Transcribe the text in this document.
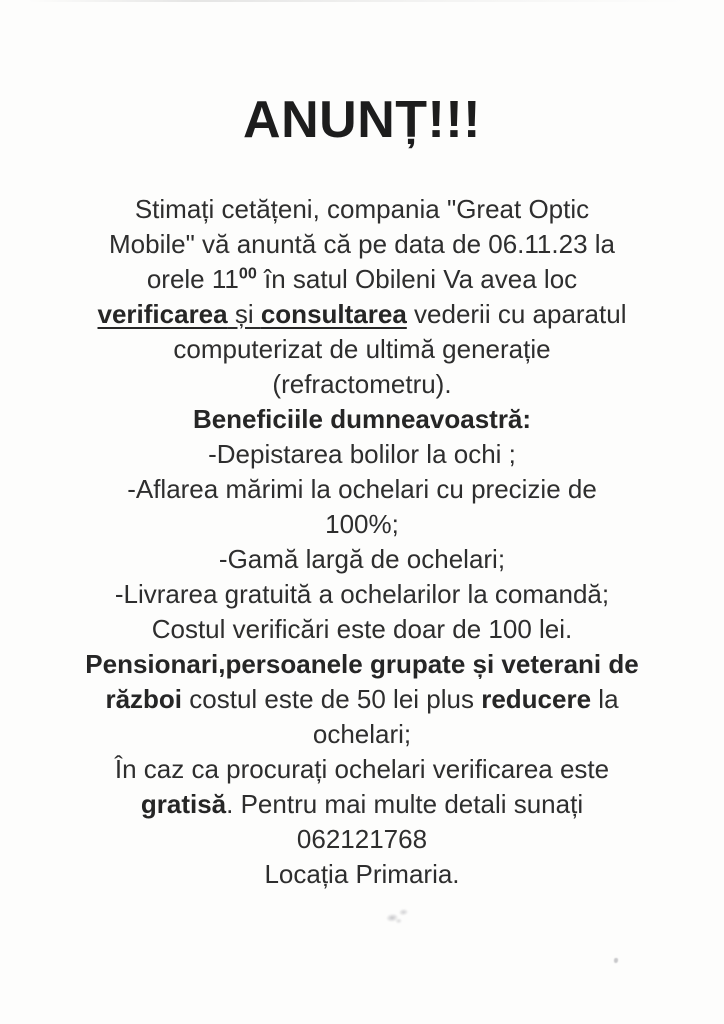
ANUNȚ!!!
Stimați cetățeni, compania "Great Optic
Mobile" vă anuntă că pe data de 06.11.23 la
orele $11^{00}$ în satul Obileni Va avea loc
verificarea și consultarea vederii cu aparatul
computerizat de ultimă generație
(refractometru).
Beneficiile dumneavoastră:
-Depistarea bolilor la ochi ;
-Aflarea mărimi la ochelari cu precizie de
100%;
-Gamă largă de ochelari;
-Livrarea gratuită a ochelarilor la comandă;
Costul verificări este doar de 100 lei.
Pensionari,persoanele grupate și veterani de
război costul este de 50 lei plus reducere la
ochelari;
În caz ca procurați ochelari verificarea este
gratisă. Pentru mai multe detali sunați
062121768
Locația Primaria.
